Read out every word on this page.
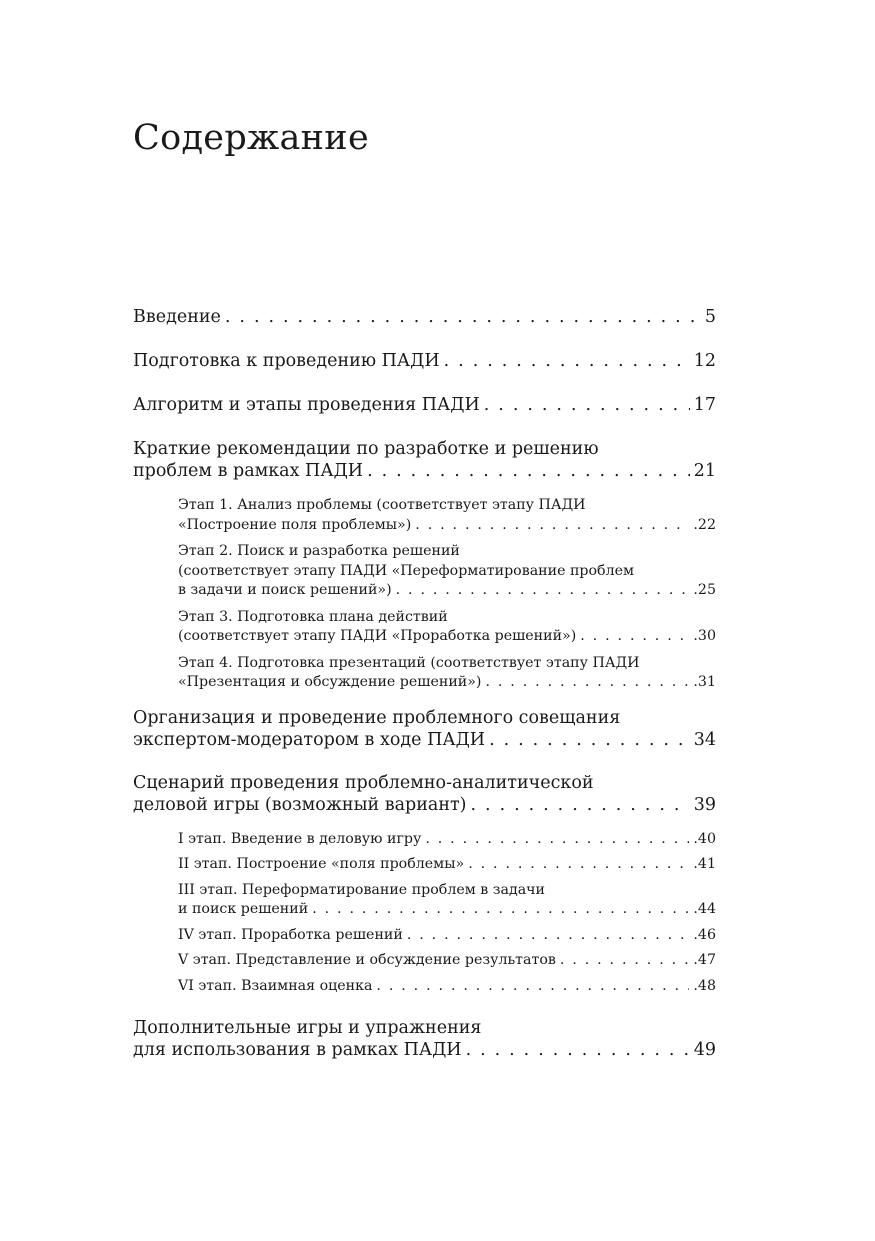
Содержание
Введение . . .	5
Подготовка к проведению ПАДИ . . .	12
Алгоритм и этапы проведения ПАДИ . . .	17
Краткие рекомендации по разработке и решению
проблем в рамках ПАДИ . . .	21
Этап 1. Анализ проблемы (соответствует этапу ПАДИ
«Построение поля проблемы») . . .	.22
Этап 2. Поиск и разработка решений
(соответствует этапу ПАДИ «Переформатирование проблем
в задачи и поиск решений») . . .	.25
Этап 3. Подготовка плана действий
(соответствует этапу ПАДИ «Проработка решений») . . .	.30
Этап 4. Подготовка презентаций (соответствует этапу ПАДИ
«Презентация и обсуждение решений») . . .	.31
Организация и проведение проблемного совещания
экспертом-модератором в ходе ПАДИ . . .	34
Сценарий проведения проблемно-аналитической
деловой игры (возможный вариант) . . .	39
I этап. Введение в деловую игру . . .	.40
II этап. Построение «поля проблемы» . . .	.41
III этап. Переформатирование проблем в задачи
и поиск решений . . .	.44
IV этап. Проработка решений . . .	.46
V этап. Представление и обсуждение результатов . . .	.47
VI этап. Взаимная оценка . . .	.48
Дополнительные игры и упражнения
для использования в рамках ПАДИ . . .	49
